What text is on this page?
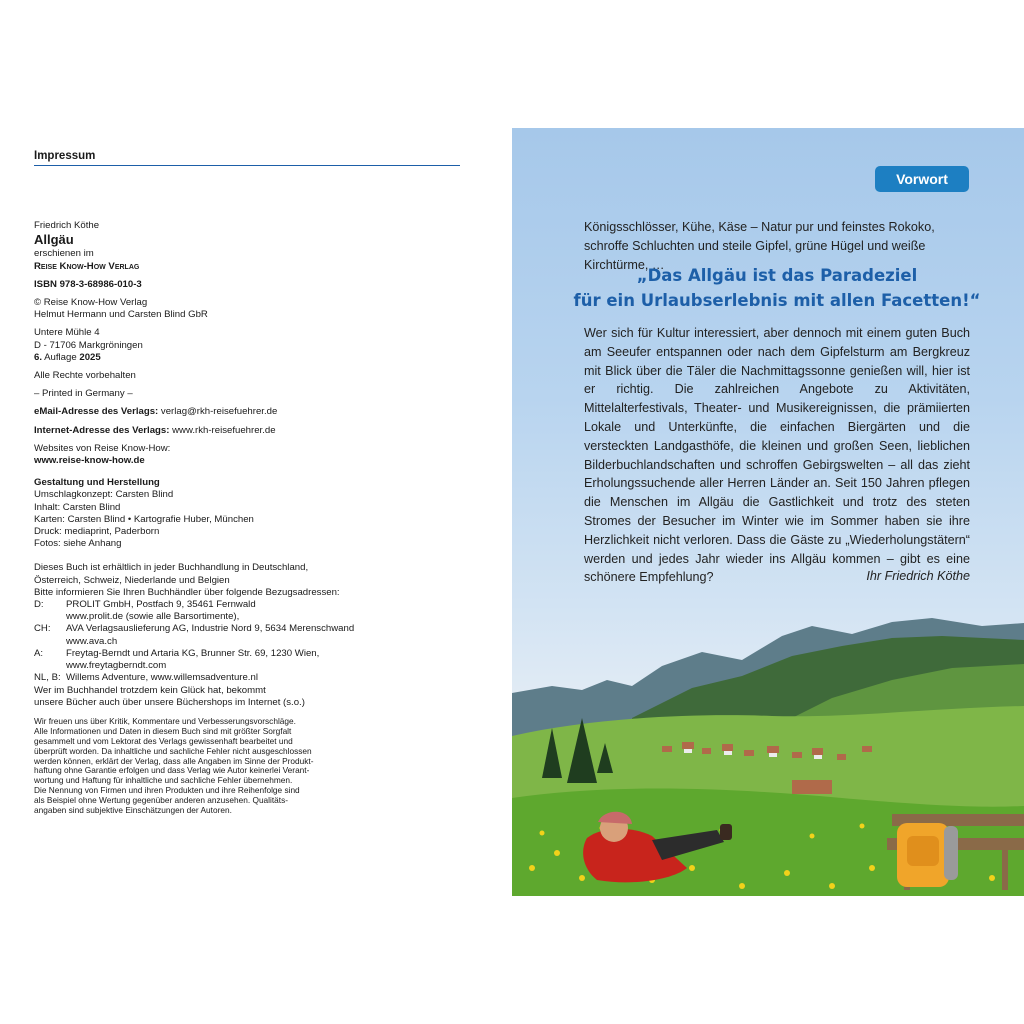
Impressum
Friedrich Köthe
Allgäu
erschienen im
Reise Know-How Verlag
ISBN 978-3-68986-010-3
© Reise Know-How Verlag
Helmut Hermann und Carsten Blind GbR
Untere Mühle 4
D - 71706 Markgröningen
6. Auflage 2025
Alle Rechte vorbehalten
– Printed in Germany –
eMail-Adresse des Verlags: verlag@rkh-reisefuehrer.de
Internet-Adresse des Verlags: www.rkh-reisefuehrer.de
Websites von Reise Know-How:
www.reise-know-how.de
Gestaltung und Herstellung
Umschlagkonzept: Carsten Blind
Inhalt: Carsten Blind
Karten: Carsten Blind • Kartografie Huber, München
Druck: mediaprint, Paderborn
Fotos: siehe Anhang
Dieses Buch ist erhältlich in jeder Buchhandlung in Deutschland,
Österreich, Schweiz, Niederlande und Belgien
Bitte informieren Sie Ihren Buchhändler über folgende Bezugsadressen:
D:	PROLIT GmbH, Postfach 9, 35461 Fernwald
www.prolit.de (sowie alle Barsortimente),
CH:	AVA Verlagsauslieferung AG, Industrie Nord 9, 5634 Merenschwand
www.ava.ch
A:	Freytag-Berndt und Artaria KG, Brunner Str. 69, 1230 Wien,
www.freytagberndt.com
NL, B: Willems Adventure, www.willemsadventure.nl
Wer im Buchhandel trotzdem kein Glück hat, bekommt
unsere Bücher auch über unsere Büchershops im Internet (s.o.)
Wir freuen uns über Kritik, Kommentare und Verbesserungsvorschläge.
Alle Informationen und Daten in diesem Buch sind mit größter Sorgfalt
gesammelt und vom Lektorat des Verlags gewissenhaft bearbeitet und
überprüft worden. Da inhaltliche und sachliche Fehler nicht ausgeschlossen
werden können, erklärt der Verlag, dass alle Angaben im Sinne der Produkt-
haftung ohne Garantie erfolgen und dass Verlag wie Autor keinerlei Verant-
wortung und Haftung für inhaltliche und sachliche Fehler übernehmen.
Die Nennung von Firmen und ihren Produkten und ihre Reihenfolge sind
als Beispiel ohne Wertung gegenüber anderen anzusehen. Qualitäts-
angaben sind subjektive Einschätzungen der Autoren.
Vorwort
Königsschlösser, Kühe, Käse – Natur pur und feinstes Rokoko, schroffe Schluchten und steile Gipfel, grüne Hügel und weiße Kirchtürme, …
„Das Allgäu ist das Paradeziel
für ein Urlaubserlebnis mit allen Facetten!“
Wer sich für Kultur interessiert, aber dennoch mit einem guten Buch am Seeufer entspannen oder nach dem Gipfelsturm am Bergkreuz mit Blick über die Täler die Nachmittagssonne genießen will, hier ist er richtig. Die zahlreichen Angebote zu Aktivitäten, Mittelalterfestivals, Theater- und Musikereignissen, die prämiierten Lokale und Unterkünfte, die einfachen Biergärten und die versteckten Landgasthöfe, die kleinen und großen Seen, lieblichen Bilderbuchlandschaften und schroffen Gebirgswelten – all das zieht Erholungssuchende aller Herren Länder an. Seit 150 Jahren pflegen die Menschen im Allgäu die Gastlichkeit und trotz des steten Stromes der Besucher im Winter wie im Sommer haben sie ihre Herzlichkeit nicht verloren. Dass die Gäste zu „Wiederholungstätern“ werden und jedes Jahr wieder ins Allgäu kommen – gibt es eine schönere Empfehlung?	Ihr Friedrich Köthe
